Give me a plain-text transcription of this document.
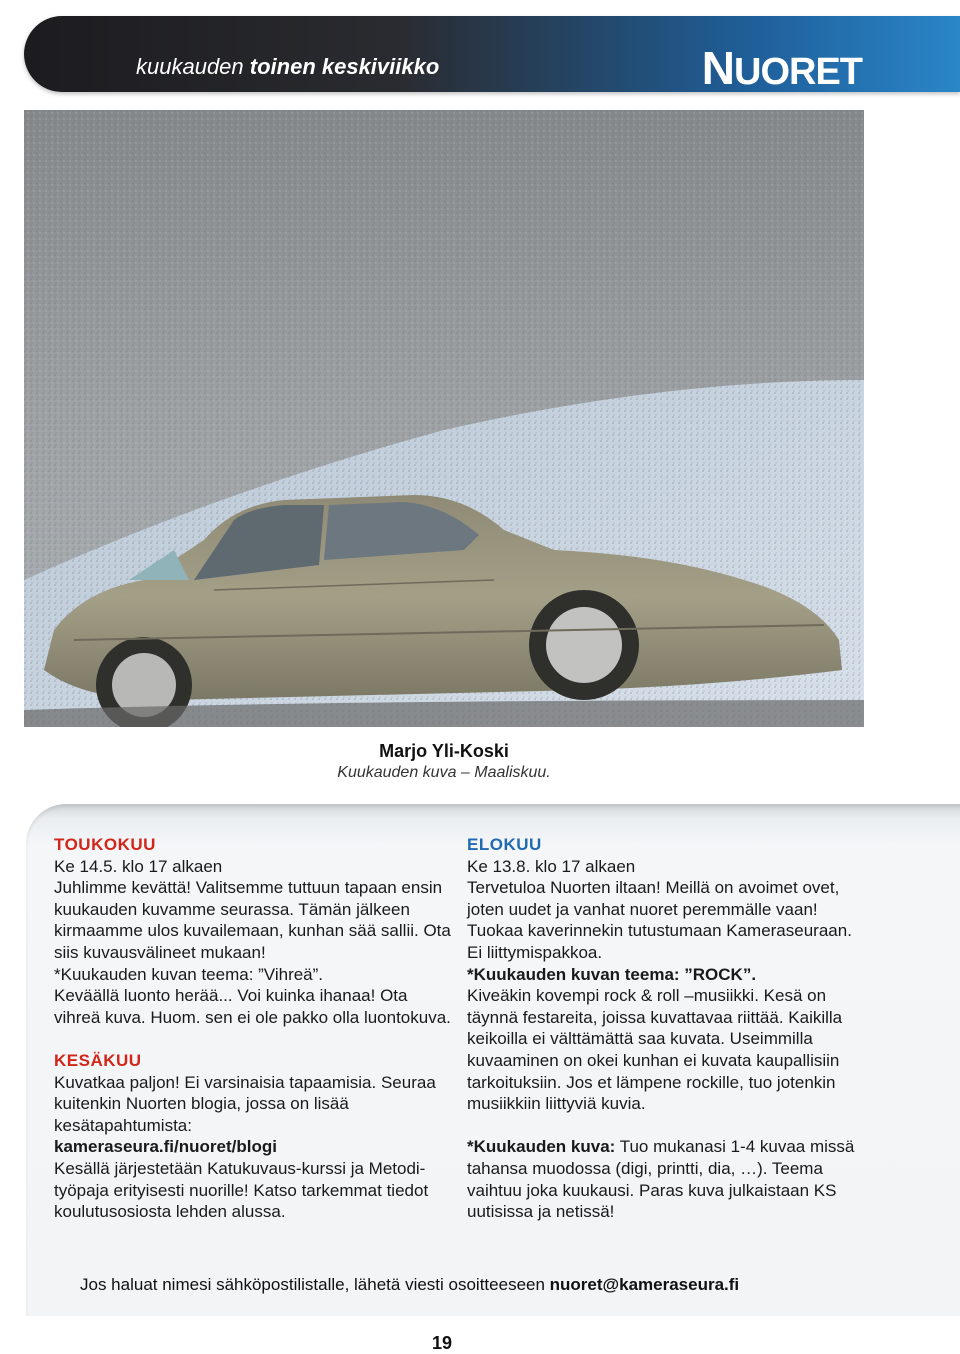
kuukauden toinen keskiviikko	NUORET
Marjo Yli-Koski
Kuukauden kuva – Maaliskuu.

TOUKOKUU

Ke 14.5. klo 17 alkaen

Juhlimme kevättä! Valitsemme tuttuun tapaan ensin kuukauden kuvamme seurassa. Tämän jälkeen kirmaamme ulos kuvailemaan, kunhan sää sallii. Ota siis kuvausvälineet mukaan!

*Kuukauden kuvan teema: ”Vihreä”.

Keväällä luonto herää... Voi kuinka ihanaa! Ota vihreä kuva. Huom. sen ei ole pakko olla luontokuva.

KESÄKUU

Kuvatkaa paljon! Ei varsinaisia tapaamisia. Seuraa kuitenkin Nuorten blogia, jossa on lisää kesätapahtumista:

kameraseura.fi/nuoret/blogi

Kesällä järjestetään Katukuvaus-kurssi ja Metodi-työpaja erityisesti nuorille! Katso tarkemmat tiedot koulutusosiosta lehden alussa.

ELOKUU

Ke 13.8. klo 17 alkaen

Tervetuloa Nuorten iltaan! Meillä on avoimet ovet, joten uudet ja vanhat nuoret peremmälle vaan! Tuokaa kaverinnekin tutustumaan Kameraseuraan. Ei liittymispakkoa.

*Kuukauden kuvan teema: ”ROCK”.

Kiveäkin kovempi rock & roll –musiikki. Kesä on täynnä festareita, joissa kuvattavaa riittää. Kaikilla keikoilla ei välttämättä saa kuvata. Useimmilla kuvaaminen on okei kunhan ei kuvata kaupallisiin tarkoituksiin. Jos et lämpene rockille, tuo jotenkin musiikkiin liittyviä kuvia.

*Kuukauden kuva: Tuo mukanasi 1-4 kuvaa missä tahansa muodossa (digi, printti, dia, …). Teema vaihtuu joka kuukausi. Paras kuva julkaistaan KS uutisissa ja netissä!

Jos haluat nimesi sähköpostilistalle, lähetä viesti osoitteeseen nuoret@kameraseura.fi
19
